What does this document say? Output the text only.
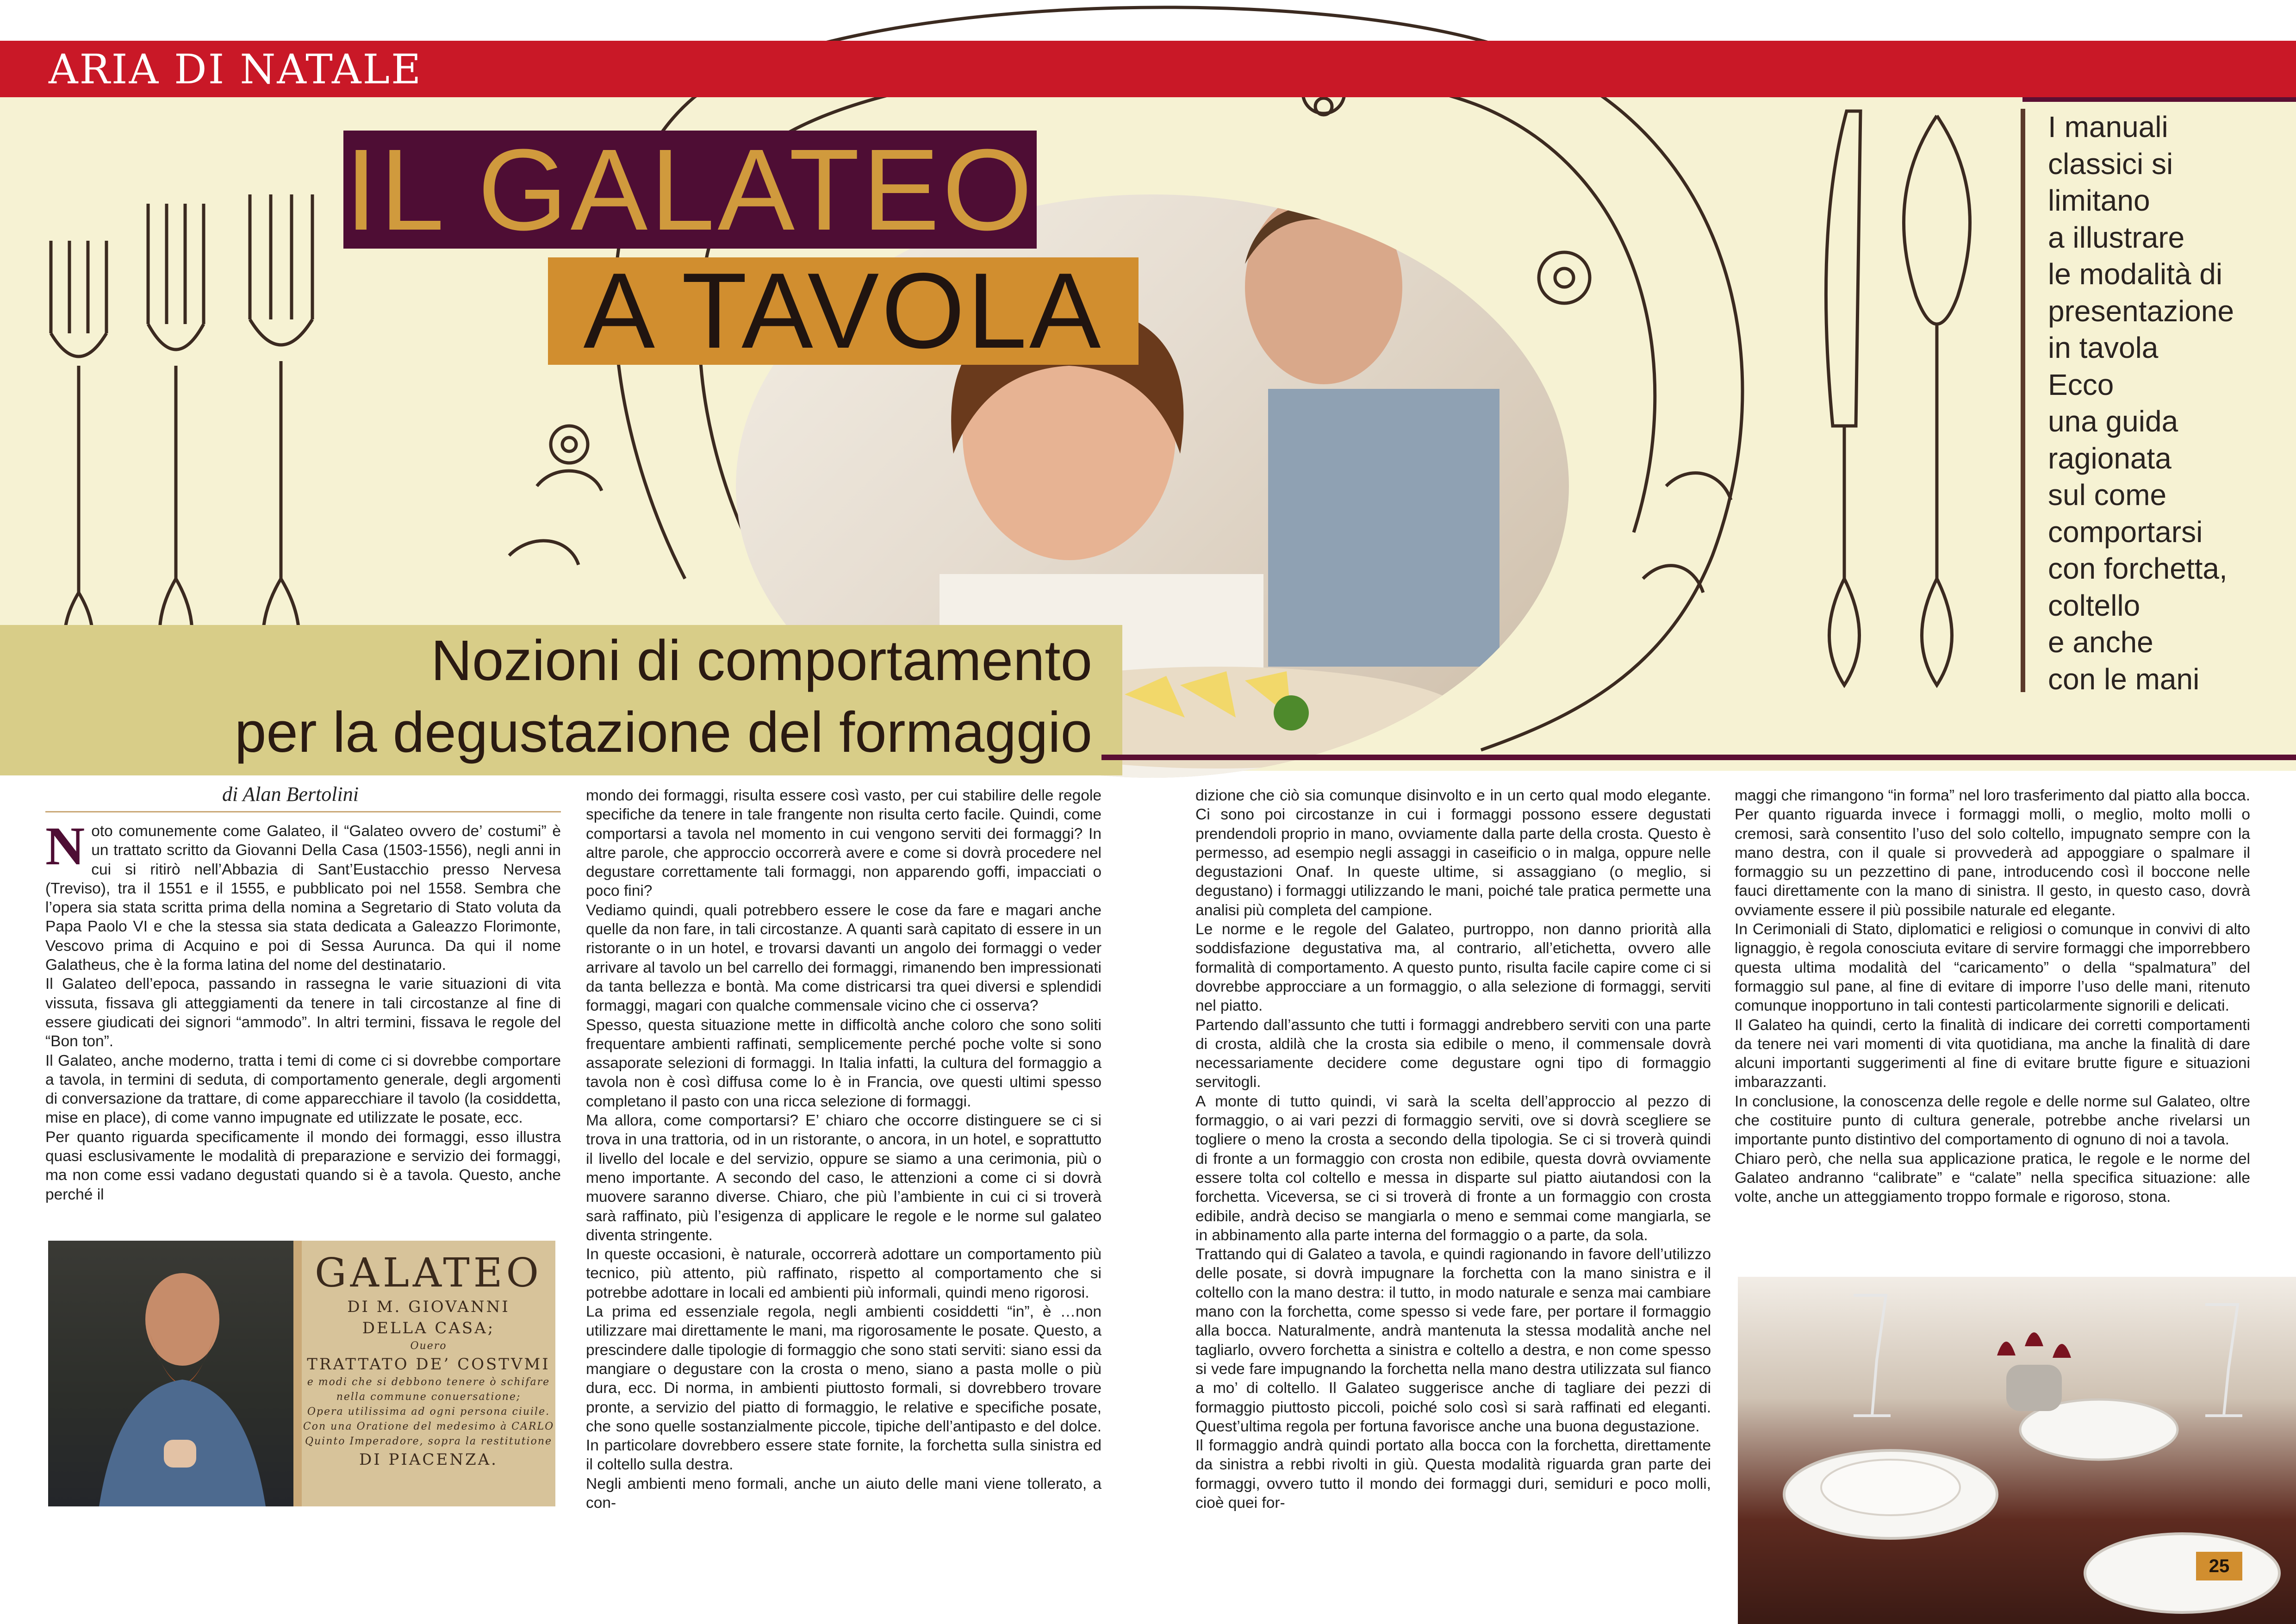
ARIA DI NATALE
IL GALATEO
A TAVOLA
Nozioni di comportamento
per la degustazione del formaggio
I manuali
classici si
limitano
a illustrare
le modalità di
presentazione
in tavola
Ecco
una guida
ragionata
sul come
comportarsi
con forchetta,
coltello
e anche
con le mani
di Alan Bertolini

Noto comunemente come Galateo, il “Galateo ovvero de’ costumi” è un trattato scritto da Giovanni Della Casa (1503-1556), negli anni in cui si ritirò nell’Abbazia di Sant’Eustacchio presso Nervesa (Treviso), tra il 1551 e il 1555, e pubblicato poi nel 1558. Sembra che l’opera sia stata scritta prima della nomina a Segretario di Stato voluta da Papa Paolo VI e che la stessa sia stata dedicata a Galeazzo Florimonte, Vescovo prima di Acquino e poi di Sessa Aurunca. Da qui il nome Galatheus, che è la forma latina del nome del destinatario.

Il Galateo dell’epoca, passando in rassegna le varie situazioni di vita vissuta, fissava gli atteggiamenti da tenere in tali circostanze al fine di essere giudicati dei signori “ammodo”. In altri termini, fissava le regole del “Bon ton”.

Il Galateo, anche moderno, tratta i temi di come ci si dovrebbe comportare a tavola, in termini di seduta, di comportamento generale, degli argomenti di conversazione da trattare, di come apparecchiare il tavolo (la cosiddetta, mise en place), di come vanno impugnate ed utilizzate le posate, ecc.

Per quanto riguarda specificamente il mondo dei formaggi, esso illustra quasi esclusivamente le modalità di preparazione e servizio dei formaggi, ma non come essi vadano degustati quando si è a tavola. Questo, anche perché il

GALATEO
DI M. GIOVANNI
DELLA CASA;
Ouero
TRATTATO DE’ COSTVMI
e modi che si debbono tenere ò schifare
nella commune conuersatione;
Opera utilissima ad ogni persona ciuile.
Con una Oratione del medesimo à CARLO
Quinto Imperadore, sopra la restitutione
DI PIACENZA.

mondo dei formaggi, risulta essere così vasto, per cui stabilire delle regole specifiche da tenere in tale frangente non risulta certo facile. Quindi, come comportarsi a tavola nel momento in cui vengono serviti dei formaggi? In altre parole, che approccio occorrerà avere e come si dovrà procedere nel degustare correttamente tali formaggi, non apparendo goffi, impacciati o poco fini?

Vediamo quindi, quali potrebbero essere le cose da fare e magari anche quelle da non fare, in tali circostanze. A quanti sarà capitato di essere in un ristorante o in un hotel, e trovarsi davanti un angolo dei formaggi o veder arrivare al tavolo un bel carrello dei formaggi, rimanendo ben impressionati da tanta bellezza e bontà. Ma come districarsi tra quei diversi e splendidi formaggi, magari con qualche commensale vicino che ci osserva?

Spesso, questa situazione mette in difficoltà anche coloro che sono soliti frequentare ambienti raffinati, semplicemente perché poche volte si sono assaporate selezioni di formaggi. In Italia infatti, la cultura del formaggio a tavola non è così diffusa come lo è in Francia, ove questi ultimi spesso completano il pasto con una ricca selezione di formaggi.

Ma allora, come comportarsi? E’ chiaro che occorre distinguere se ci si trova in una trattoria, od in un ristorante, o ancora, in un hotel, e soprattutto il livello del locale e del servizio, oppure se siamo a una cerimonia, più o meno importante. A secondo del caso, le attenzioni a come ci si dovrà muovere saranno diverse. Chiaro, che più l’ambiente in cui ci si troverà sarà raffinato, più l’esigenza di applicare le regole e le norme sul galateo diventa stringente.

In queste occasioni, è naturale, occorrerà adottare un comportamento più tecnico, più attento, più raffinato, rispetto al comportamento che si potrebbe adottare in locali ed ambienti più informali, quindi meno rigorosi.

La prima ed essenziale regola, negli ambienti cosiddetti “in”, è …non utilizzare mai direttamente le mani, ma rigorosamente le posate. Questo, a prescindere dalle tipologie di formaggio che sono stati serviti: siano essi da mangiare o degustare con la crosta o meno, siano a pasta molle o più dura, ecc. Di norma, in ambienti piuttosto formali, si dovrebbero trovare pronte, a servizio del piatto di formaggio, le relative e specifiche posate, che sono quelle sostanzialmente piccole, tipiche dell’antipasto e del dolce. In particolare dovrebbero essere state fornite, la forchetta sulla sinistra ed il coltello sulla destra.

Negli ambienti meno formali, anche un aiuto delle mani viene tollerato, a con-

dizione che ciò sia comunque disinvolto e in un certo qual modo elegante. Ci sono poi circostanze in cui i formaggi possono essere degustati prendendoli proprio in mano, ovviamente dalla parte della crosta. Questo è permesso, ad esempio negli assaggi in caseificio o in malga, oppure nelle degustazioni Onaf. In queste ultime, si assaggiano (o meglio, si degustano) i formaggi utilizzando le mani, poiché tale pratica permette una analisi più completa del campione.

Le norme e le regole del Galateo, purtroppo, non danno priorità alla soddisfazione degustativa ma, al contrario, all’etichetta, ovvero alle formalità di comportamento. A questo punto, risulta facile capire come ci si dovrebbe approcciare a un formaggio, o alla selezione di formaggi, serviti nel piatto.

Partendo dall’assunto che tutti i formaggi andrebbero serviti con una parte di crosta, aldilà che la crosta sia edibile o meno, il commensale dovrà necessariamente decidere come degustare ogni tipo di formaggio servitogli.

A monte di tutto quindi, vi sarà la scelta dell’approccio al pezzo di formaggio, o ai vari pezzi di formaggio serviti, ove si dovrà scegliere se togliere o meno la crosta a secondo della tipologia. Se ci si troverà quindi di fronte a un formaggio con crosta non edibile, questa dovrà ovviamente essere tolta col coltello e messa in disparte sul piatto aiutandosi con la forchetta. Viceversa, se ci si troverà di fronte a un formaggio con crosta edibile, andrà deciso se mangiarla o meno e semmai come mangiarla, se in abbinamento alla parte interna del formaggio o a parte, da sola.

Trattando qui di Galateo a tavola, e quindi ragionando in favore dell’utilizzo delle posate, si dovrà impugnare la forchetta con la mano sinistra e il coltello con la mano destra: il tutto, in modo naturale e senza mai cambiare mano con la forchetta, come spesso si vede fare, per portare il formaggio alla bocca. Naturalmente, andrà mantenuta la stessa modalità anche nel tagliarlo, ovvero forchetta a sinistra e coltello a destra, e non come spesso si vede fare impugnando la forchetta nella mano destra utilizzata sul fianco a mo’ di coltello. Il Galateo suggerisce anche di tagliare dei pezzi di formaggio piuttosto piccoli, poiché solo così si sarà raffinati ed eleganti. Quest’ultima regola per fortuna favorisce anche una buona degustazione.

Il formaggio andrà quindi portato alla bocca con la forchetta, direttamente da sinistra a rebbi rivolti in giù. Questa modalità riguarda gran parte dei formaggi, ovvero tutto il mondo dei formaggi duri, semiduri e poco molli, cioè quei for-

maggi che rimangono “in forma” nel loro trasferimento dal piatto alla bocca. Per quanto riguarda invece i formaggi molli, o meglio, molto molli o cremosi, sarà consentito l’uso del solo coltello, impugnato sempre con la mano destra, con il quale si provvederà ad appoggiare o spalmare il formaggio su un pezzettino di pane, introducendo così il boccone nelle fauci direttamente con la mano di sinistra. Il gesto, in questo caso, dovrà ovviamente essere il più possibile naturale ed elegante.

In Cerimoniali di Stato, diplomatici e religiosi o comunque in convivi di alto lignaggio, è regola conosciuta evitare di servire formaggi che imporrebbero questa ultima modalità del “caricamento” o della “spalmatura” del formaggio sul pane, al fine di evitare di imporre l’uso delle mani, ritenuto comunque inopportuno in tali contesti particolarmente signorili e delicati.

Il Galateo ha quindi, certo la finalità di indicare dei corretti comportamenti da tenere nei vari momenti di vita quotidiana, ma anche la finalità di dare alcuni importanti suggerimenti al fine di evitare brutte figure e situazioni imbarazzanti.

In conclusione, la conoscenza delle regole e delle norme sul Galateo, oltre che costituire punto di cultura generale, potrebbe anche rivelarsi un importante punto distintivo del comportamento di ognuno di noi a tavola.

Chiaro però, che nella sua applicazione pratica, le regole e le norme del Galateo andranno “calibrate” e “calate” nella specifica situazione: alle volte, anche un atteggiamento troppo formale e rigoroso, stona.

25
